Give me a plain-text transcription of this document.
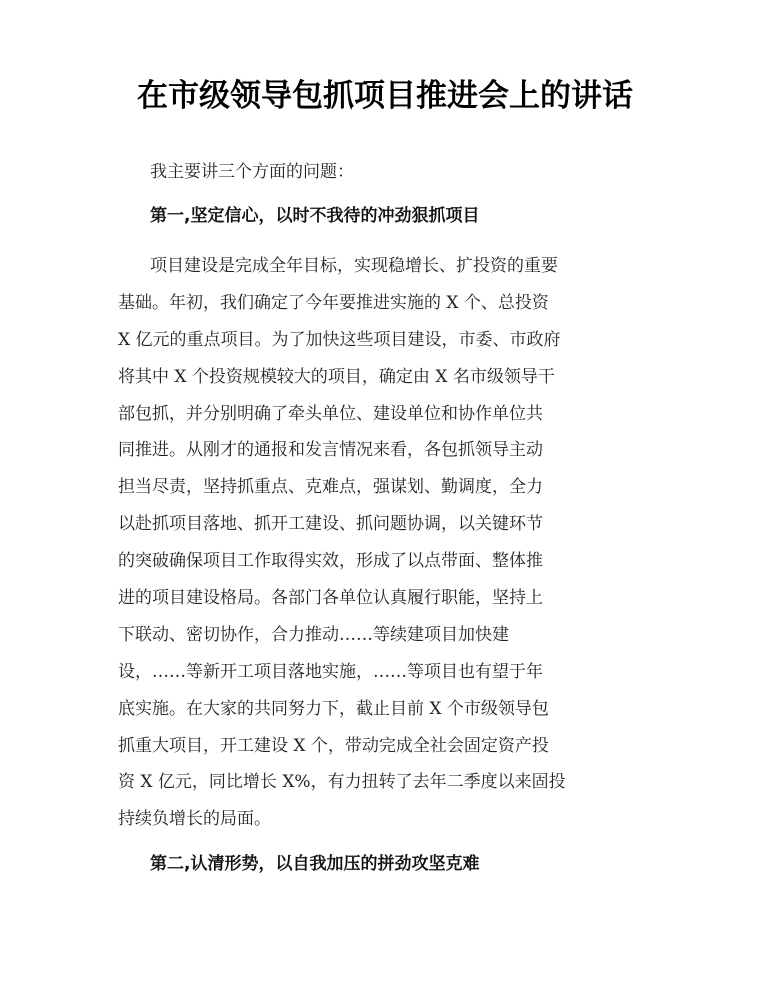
在市级领导包抓项目推进会上的讲话

我主要讲三个方面的问题：

第一,坚定信心，以时不我待的冲劲狠抓项目
项目建设是完成全年目标，实现稳增长、扩投资的重要
基础。年初，我们确定了今年要推进实施的 X 个、总投资
X 亿元的重点项目。为了加快这些项目建设，市委、市政府
将其中 X 个投资规模较大的项目，确定由 X 名市级领导干
部包抓，并分别明确了牵头单位、建设单位和协作单位共
同推进。从刚才的通报和发言情况来看，各包抓领导主动
担当尽责，坚持抓重点、克难点，强谋划、勤调度，全力
以赴抓项目落地、抓开工建设、抓问题协调，以关键环节
的突破确保项目工作取得实效，形成了以点带面、整体推
进的项目建设格局。各部门各单位认真履行职能，坚持上
下联动、密切协作，合力推动……等续建项目加快建
设，……等新开工项目落地实施，……等项目也有望于年
底实施。在大家的共同努力下，截止目前 X 个市级领导包
抓重大项目，开工建设 X 个，带动完成全社会固定资产投
资 X 亿元，同比增长 X%，有力扭转了去年二季度以来固投
持续负增长的局面。
第二,认清形势，以自我加压的拼劲攻坚克难
